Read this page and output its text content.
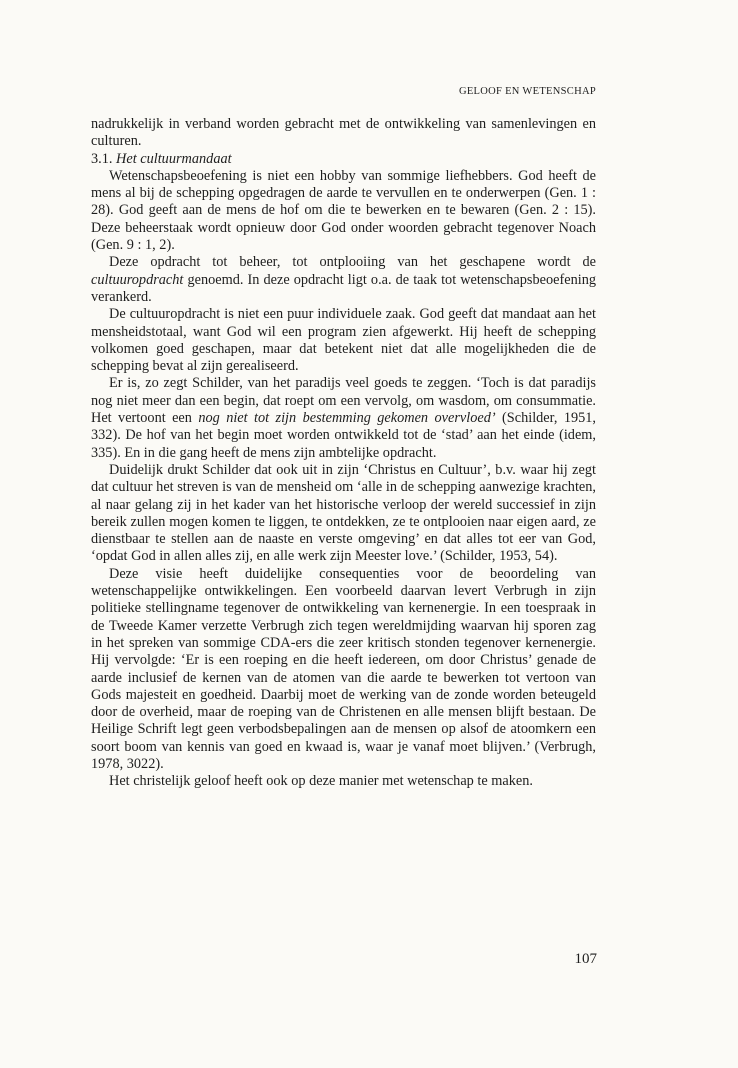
GELOOF EN WETENSCHAP

nadrukkelijk in verband worden gebracht met de ontwikkeling van samenlevingen en culturen.

3.1. Het cultuurmandaat

Wetenschapsbeoefening is niet een hobby van sommige liefhebbers. God heeft de mens al bij de schepping opgedragen de aarde te vervullen en te onderwerpen (Gen. 1 : 28). God geeft aan de mens de hof om die te bewerken en te bewaren (Gen. 2 : 15). Deze beheerstaak wordt opnieuw door God onder woorden gebracht tegenover Noach (Gen. 9 : 1, 2).

Deze opdracht tot beheer, tot ontplooiing van het geschapene wordt de cultuuropdracht genoemd. In deze opdracht ligt o.a. de taak tot wetenschapsbeoefening verankerd.

De cultuuropdracht is niet een puur individuele zaak. God geeft dat mandaat aan het mensheidstotaal, want God wil een program zien afgewerkt. Hij heeft de schepping volkomen goed geschapen, maar dat betekent niet dat alle mogelijkheden die de schepping bevat al zijn gerealiseerd.

Er is, zo zegt Schilder, van het paradijs veel goeds te zeggen. ‘Toch is dat paradijs nog niet meer dan een begin, dat roept om een vervolg, om wasdom, om consummatie. Het vertoont een nog niet tot zijn bestemming gekomen overvloed’ (Schilder, 1951, 332). De hof van het begin moet worden ontwikkeld tot de ‘stad’ aan het einde (idem, 335). En in die gang heeft de mens zijn ambtelijke opdracht.

Duidelijk drukt Schilder dat ook uit in zijn ‘Christus en Cultuur’, b.v. waar hij zegt dat cultuur het streven is van de mensheid om ‘alle in de schepping aanwezige krachten, al naar gelang zij in het kader van het historische verloop der wereld successief in zijn bereik zullen mogen komen te liggen, te ontdekken, ze te ontplooien naar eigen aard, ze dienstbaar te stellen aan de naaste en verste omgeving’ en dat alles tot eer van God, ‘opdat God in allen alles zij, en alle werk zijn Meester love.’ (Schilder, 1953, 54).

Deze visie heeft duidelijke consequenties voor de beoordeling van wetenschappelijke ontwikkelingen. Een voorbeeld daarvan levert Verbrugh in zijn politieke stellingname tegenover de ontwikkeling van kernenergie. In een toespraak in de Tweede Kamer verzette Verbrugh zich tegen wereldmijding waarvan hij sporen zag in het spreken van sommige CDA-ers die zeer kritisch stonden tegenover kernenergie. Hij vervolgde: ‘Er is een roeping en die heeft iedereen, om door Christus’ genade de aarde inclusief de kernen van de atomen van die aarde te bewerken tot vertoon van Gods majesteit en goedheid. Daarbij moet de werking van de zonde worden beteugeld door de overheid, maar de roeping van de Christenen en alle mensen blijft bestaan. De Heilige Schrift legt geen verbodsbepalingen aan de mensen op alsof de atoomkern een soort boom van kennis van goed en kwaad is, waar je vanaf moet blijven.’ (Verbrugh, 1978, 3022).

Het christelijk geloof heeft ook op deze manier met wetenschap te maken.

107
